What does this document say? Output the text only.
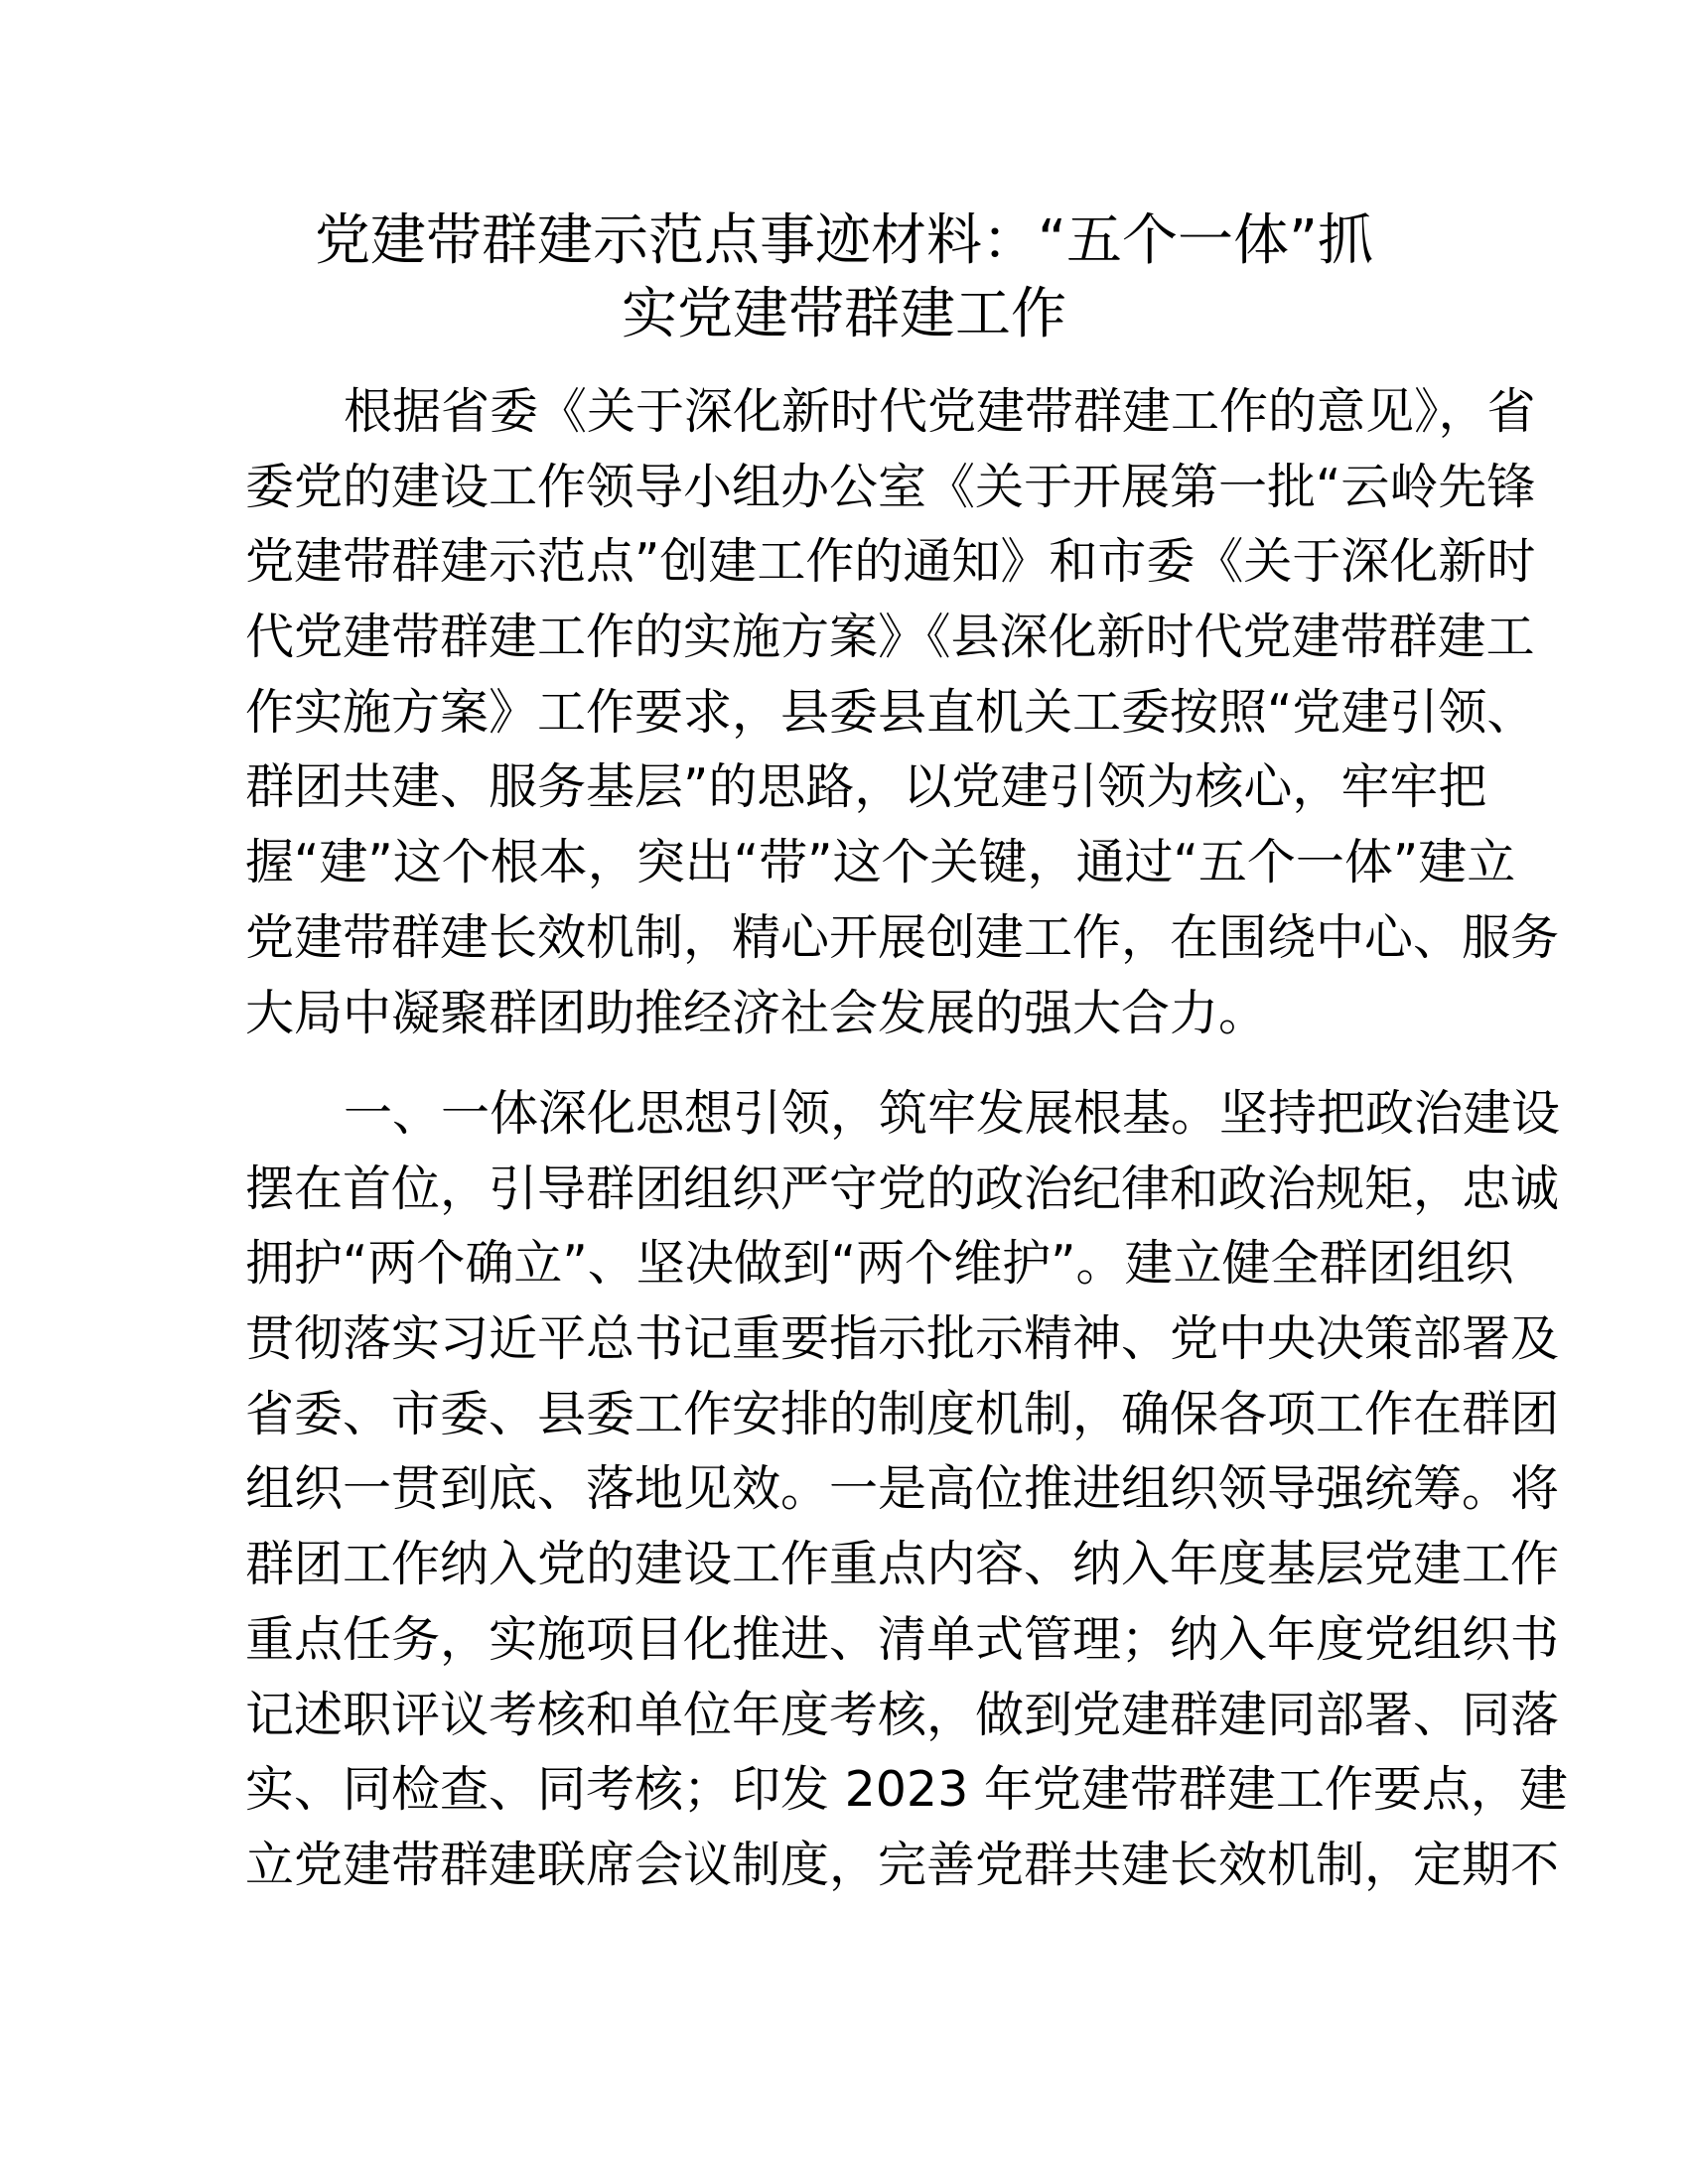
党建带群建示范点事迹材料：“五个一体”抓
实党建带群建工作
根据省委《关于深化新时代党建带群建工作的意见》，省
委党的建设工作领导小组办公室《关于开展第一批“云岭先锋
党建带群建示范点”创建工作的通知》和市委《关于深化新时
代党建带群建工作的实施方案》《县深化新时代党建带群建工
作实施方案》工作要求，县委县直机关工委按照“党建引领、
群团共建、服务基层”的思路，以党建引领为核心，牢牢把
握“建”这个根本，突出“带”这个关键，通过“五个一体”建立
党建带群建长效机制，精心开展创建工作，在围绕中心、服务
大局中凝聚群团助推经济社会发展的强大合力。
一、一体深化思想引领，筑牢发展根基。坚持把政治建设
摆在首位，引导群团组织严守党的政治纪律和政治规矩，忠诚
拥护“两个确立”、坚决做到“两个维护”。建立健全群团组织
贯彻落实习近平总书记重要指示批示精神、党中央决策部署及
省委、市委、县委工作安排的制度机制，确保各项工作在群团
组织一贯到底、落地见效。一是高位推进组织领导强统筹。将
群团工作纳入党的建设工作重点内容、纳入年度基层党建工作
重点任务，实施项目化推进、清单式管理；纳入年度党组织书
记述职评议考核和单位年度考核，做到党建群建同部署、同落
实、同检查、同考核；印发 2023 年党建带群建工作要点，建
立党建带群建联席会议制度，完善党群共建长效机制，定期不
